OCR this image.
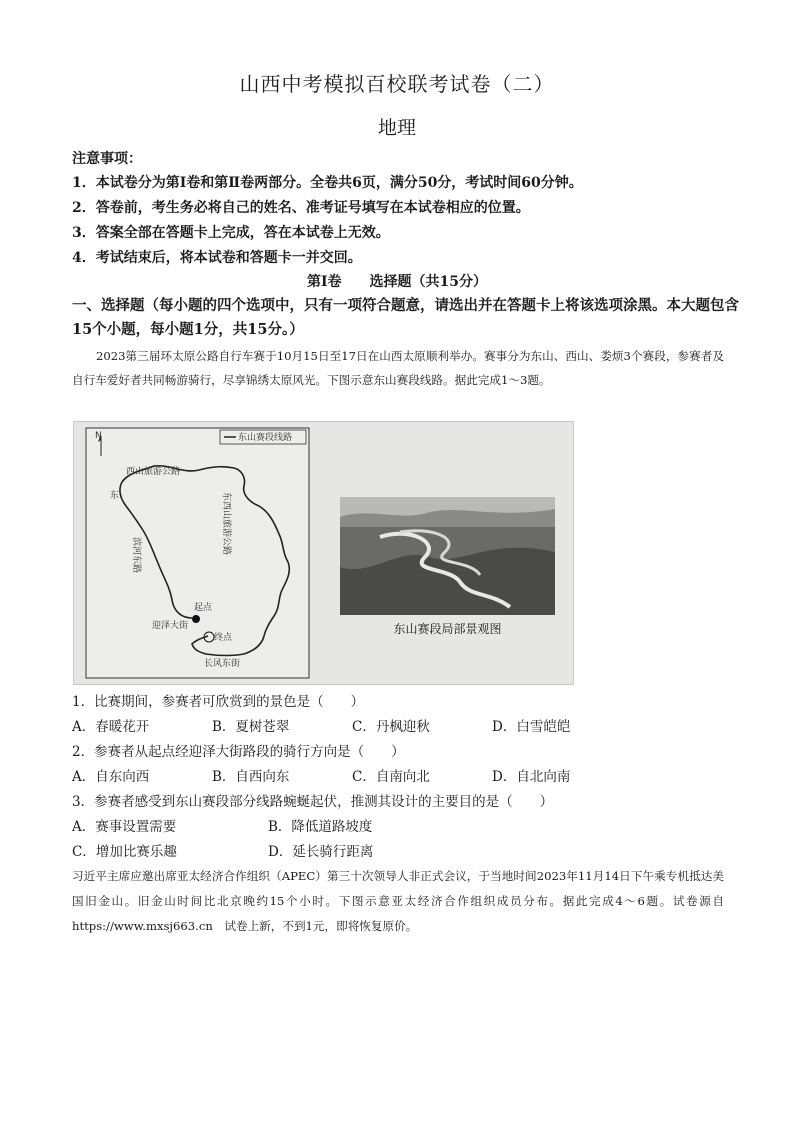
山西中考模拟百校联考试卷（二）
地理
注意事项：
1．本试卷分为第Ⅰ卷和第Ⅱ卷两部分。全卷共6页，满分50分，考试时间60分钟。
2．答卷前，考生务必将自己的姓名、准考证号填写在本试卷相应的位置。
3．答案全部在答题卡上完成，答在本试卷上无效。
4．考试结束后，将本试卷和答题卡一并交回。
第Ⅰ卷　　选择题（共15分）
一、选择题（每小题的四个选项中，只有一项符合题意，请选出并在答题卡上将该选项涂黑。本大题包含15个小题，每小题1分，共15分。）
2023第三届环太原公路自行车赛于10月15日至17日在山西太原顺利举办。赛事分为东山、西山、娄烦3个赛段，参赛者及自行车爱好者共同畅游骑行，尽享锦绣太原风光。下图示意东山赛段线路。据此完成1～3题。
东山赛段线路
N
西山旅游公路
东	东西山旅游公路
滨河东路
起点
终点
迎泽大街
长风东街
东山赛段局部景观图
1．比赛期间，参赛者可欣赏到的景色是（　　）
A．春暖花开	B．夏树苍翠	C．丹枫迎秋	D．白雪皑皑
2．参赛者从起点经迎泽大街路段的骑行方向是（　　）
A．自东向西	B．自西向东	C．自南向北	D．自北向南
3．参赛者感受到东山赛段部分线路蜿蜒起伏，推测其设计的主要目的是（　　）
A．赛事设置需要	B．降低道路坡度
C．增加比赛乐趣	D．延长骑行距离
习近平主席应邀出席亚太经济合作组织（APEC）第三十次领导人非正式会议，于当地时间2023年11月14日下午乘专机抵达美国旧金山。旧金山时间比北京晚约15个小时。下图示意亚太经济合作组织成员分布。据此完成4～6题。试卷源自 https://www.mxsj663.cn　试卷上新，不到1元，即将恢复原价。
